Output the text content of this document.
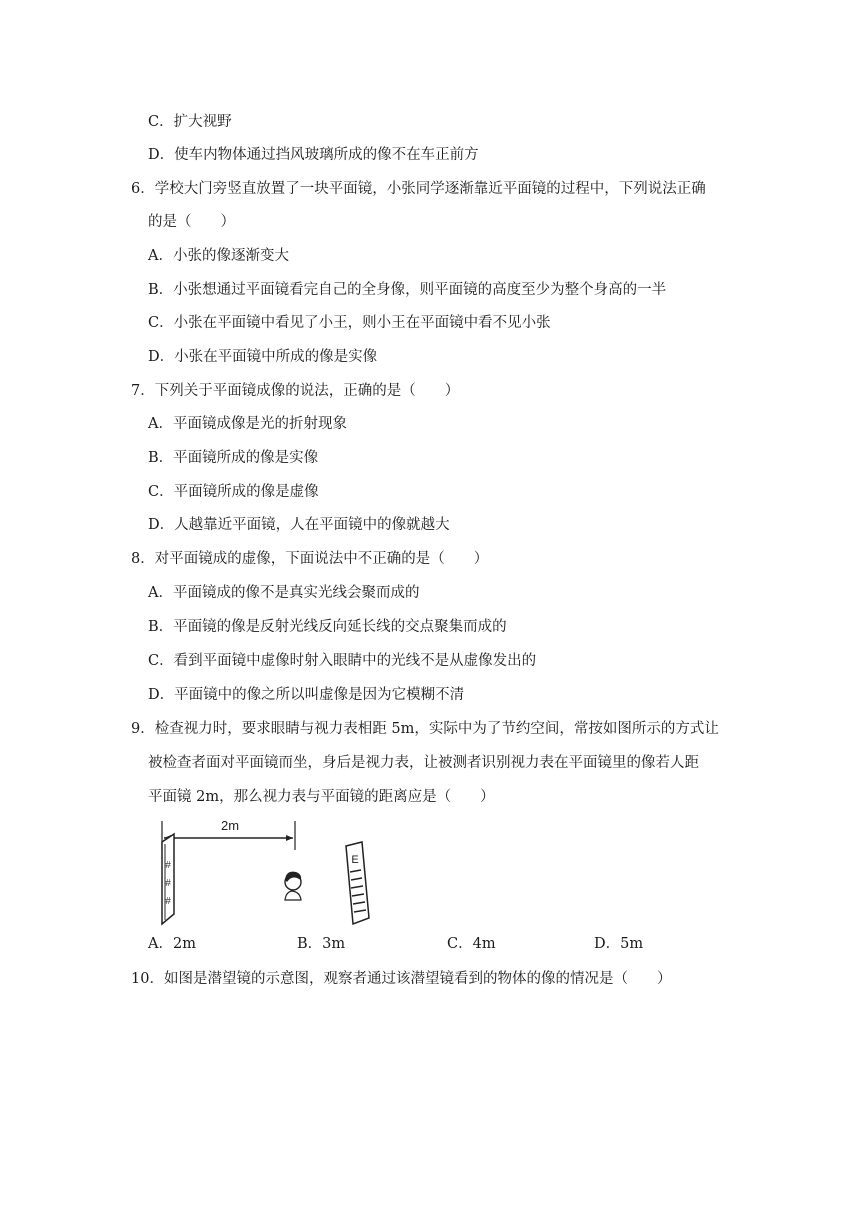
C．扩大视野
D．使车内物体通过挡风玻璃所成的像不在车正前方
6．学校大门旁竖直放置了一块平面镜，小张同学逐渐靠近平面镜的过程中，下列说法正确
的是（　　）
A．小张的像逐渐变大
B．小张想通过平面镜看完自己的全身像，则平面镜的高度至少为整个身高的一半
C．小张在平面镜中看见了小王，则小王在平面镜中看不见小张
D．小张在平面镜中所成的像是实像
7．下列关于平面镜成像的说法，正确的是（　　）
A．平面镜成像是光的折射现象
B．平面镜所成的像是实像
C．平面镜所成的像是虚像
D．人越靠近平面镜，人在平面镜中的像就越大
8．对平面镜成的虚像，下面说法中不正确的是（　　）
A．平面镜成的像不是真实光线会聚而成的
B．平面镜的像是反射光线反向延长线的交点聚集而成的
C．看到平面镜中虚像时射入眼睛中的光线不是从虚像发出的
D．平面镜中的像之所以叫虚像是因为它模糊不清
9．检查视力时，要求眼睛与视力表相距 5m，实际中为了节约空间，常按如图所示的方式让
被检查者面对平面镜而坐，身后是视力表，让被测者识别视力表在平面镜里的像若人距
平面镜 2m，那么视力表与平面镜的距离应是（　　）
2m
#
#
#
E
A．2m	B．3m	C．4m	D．5m
10．如图是潜望镜的示意图，观察者通过该潜望镜看到的物体的像的情况是（　　）
